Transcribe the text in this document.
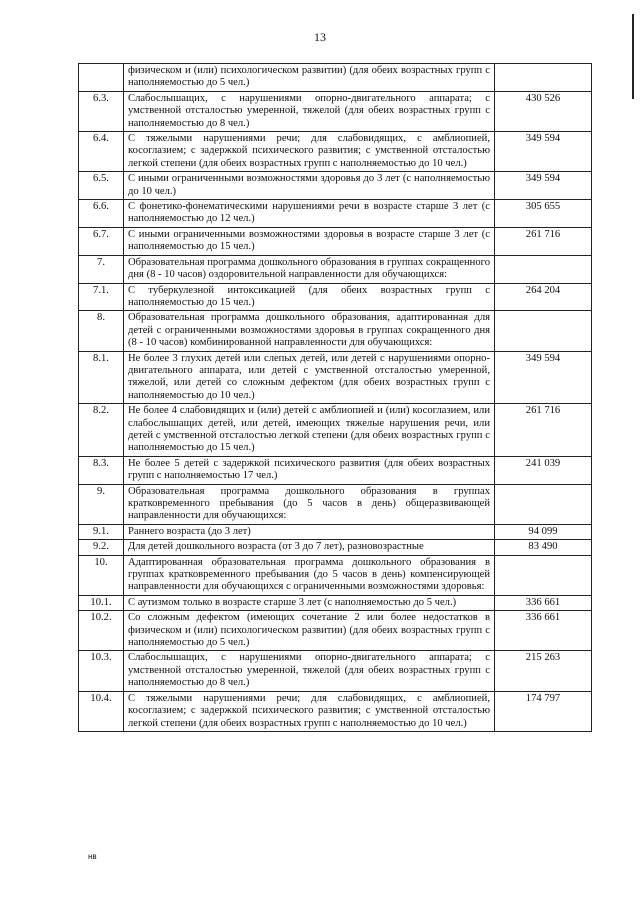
13
	физическом и (или) психологическом развитии) (для обеих возрастных групп с наполняемостью до 5 чел.)	
6.3.	Слабослышащих, с нарушениями опорно-двигательного аппарата; с умственной отсталостью умеренной, тяжелой (для обеих возрастных групп с наполняемостью до 8 чел.)	430 526
6.4.	С тяжелыми нарушениями речи; для слабовидящих, с амблиопией, косоглазием; с задержкой психического развития; с умственной отсталостью легкой степени (для обеих возрастных групп с наполняемостью до 10 чел.)	349 594
6.5.	С иными ограниченными возможностями здоровья до 3 лет (с наполняемостью до 10 чел.)	349 594
6.6.	С фонетико-фонематическими нарушениями речи в возрасте старше 3 лет (с наполняемостью до 12 чел.)	305 655
6.7.	С иными ограниченными возможностями здоровья в возрасте старше 3 лет (с наполняемостью до 15 чел.)	261 716
7.	Образовательная программа дошкольного образования в группах сокращенного дня (8 - 10 часов) оздоровительной направленности для обучающихся:	
7.1.	С туберкулезной интоксикацией (для обеих возрастных групп с наполняемостью до 15 чел.)	264 204
8.	Образовательная программа дошкольного образования, адаптированная для детей с ограниченными возможностями здоровья в группах сокращенного дня (8 - 10 часов) комбинированной направленности для обучающихся:	
8.1.	Не более 3 глухих детей или слепых детей, или детей с нарушениями опорно-двигательного аппарата, или детей с умственной отсталостью умеренной, тяжелой, или детей со сложным дефектом (для обеих возрастных групп с наполняемостью до 10 чел.)	349 594
8.2.	Не более 4 слабовидящих и (или) детей с амблиопией и (или) косоглазием, или слабослышащих детей, или детей, имеющих тяжелые нарушения речи, или детей с умственной отсталостью легкой степени (для обеих возрастных групп с наполняемостью до 15 чел.)	261 716
8.3.	Не более 5 детей с задержкой психического развития (для обеих возрастных групп с наполняемостью 17 чел.)	241 039
9.	Образовательная программа дошкольного образования в группах кратковременного пребывания (до 5 часов в день) общеразвивающей направленности для обучающихся:	
9.1.	Раннего возраста (до 3 лет)	94 099
9.2.	Для детей дошкольного возраста (от 3 до 7 лет), разновозрастные	83 490
10.	Адаптированная образовательная программа дошкольного образования в группах кратковременного пребывания (до 5 часов в день) компенсирующей направленности для обучающихся с ограниченными возможностями здоровья:	
10.1.	С аутизмом только в возрасте старше 3 лет (с наполняемостью до 5 чел.)	336 661
10.2.	Со сложным дефектом (имеющих сочетание 2 или более недостатков в физическом и (или) психологическом развитии) (для обеих возрастных групп с наполняемостью до 5 чел.)	336 661
10.3.	Слабослышащих, с нарушениями опорно-двигательного аппарата; с умственной отсталостью умеренной, тяжелой (для обеих возрастных групп с наполняемостью до 8 чел.)	215 263
10.4.	С тяжелыми нарушениями речи; для слабовидящих, с амблиопией, косоглазием; с задержкой психического развития; с умственной отсталостью легкой степени (для обеих возрастных групп с наполняемостью до 10 чел.)	174 797
нв
